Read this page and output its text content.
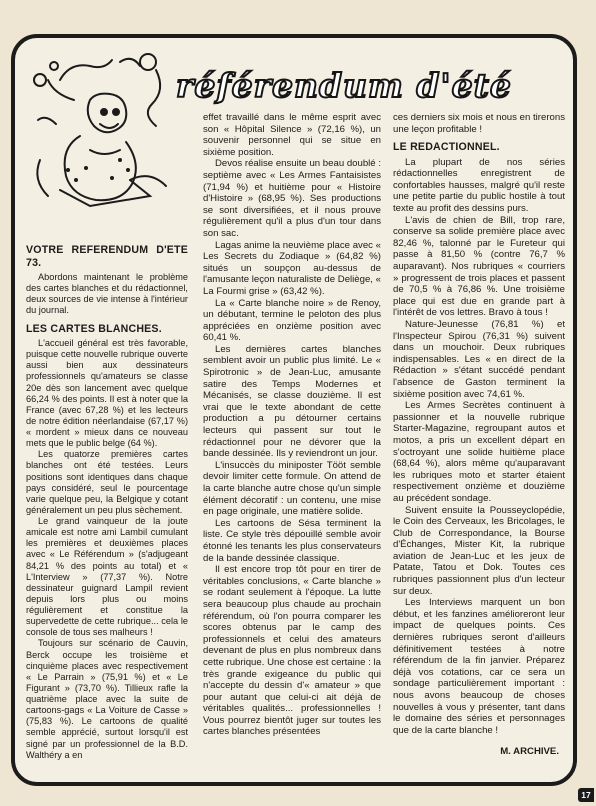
référendum d'été
VOTRE REFERENDUM D'ETE 73.

Abordons maintenant le problème des cartes blanches et du rédactionnel, deux sources de vie intense à l'intérieur du journal.

LES CARTES BLANCHES.

L'accueil général est très favorable, puisque cette nouvelle rubrique ouverte aussi bien aux dessinateurs professionnels qu'amateurs se classe 20e dès son lancement avec quelque 66,24 % des points. Il est à noter que la France (avec 67,28 %) et les lecteurs de notre édition néerlandaise (67,17 %) « mordent » mieux dans ce nouveau mets que le public belge (64 %).

Les quatorze premières cartes blanches ont été testées. Leurs positions sont identiques dans chaque pays considéré, seul le pourcentage varie quelque peu, la Belgique y cotant généralement un peu plus sèchement.

Le grand vainqueur de la joute amicale est notre ami Lambil cumulant les premières et deuxièmes places avec « Le Référendum » (s'adjugeant 84,21 % des points au total) et « L'Interview » (77,37 %). Notre dessinateur guignard Lampil revient depuis lors plus ou moins régulièrement et constitue la supervedette de cette rubrique... cela le console de tous ses malheurs !

Toujours sur scénario de Cauvin, Berck occupe les troisième et cinquième places avec respectivement « Le Parrain » (75,91 %) et « Le Figurant » (73,70 %). Tillieux rafle la quatrième place avec la suite de cartoons-gags « La Voiture de Casse » (75,83 %). Le cartoons de qualité semble apprécié, surtout lorsqu'il est signé par un professionnel de la B.D. Walthéry a en

effet travaillé dans le même esprit avec son « Hôpital Silence » (72,16 %), un souvenir personnel qui se situe en sixième position.

Devos réalise ensuite un beau doublé : septième avec « Les Armes Fantaisistes (71,94 %) et huitième pour « Histoire d'Histoire » (68,95 %). Ses productions se sont diversifiées, et il nous prouve régulièrement qu'il a plus d'un tour dans son sac.

Lagas anime la neuvième place avec « Les Secrets du Zodiaque » (64,82 %) situés un soupçon au-dessus de l'amusante leçon naturaliste de Deliège, « La Fourmi grise » (63,42 %).

La « Carte blanche noire » de Renoy, un débutant, termine le peloton des plus appréciées en onzième position avec 60,41 %.

Les dernières cartes blanches semblent avoir un public plus limité. Le « Spirotronic » de Jean-Luc, amusante satire des Temps Modernes et Mécanisés, se classe douzième. Il est vrai que le texte abondant de cette production a pu détourner certains lecteurs qui passent sur tout le rédactionnel pour ne dévorer que la bande dessinée. Ils y reviendront un jour.

L'insuccès du miniposter Tööt semble devoir limiter cette formule. On attend de la carte blanche autre chose qu'un simple élément décoratif : un contenu, une mise en page originale, une matière solide.

Les cartoons de Sésa terminent la liste. Ce style très dépouillé semble avoir étonné les tenants les plus conservateurs de la bande dessinée classique.

Il est encore trop tôt pour en tirer de véritables conclusions, « Carte blanche » se rodant seulement à l'époque. La lutte sera beaucoup plus chaude au prochain référendum, où l'on pourra comparer les scores obtenus par le camp des professionnels et celui des amateurs devenant de plus en plus nombreux dans cette rubrique. Une chose est certaine : la très grande exigeance du public qui n'accepte du dessin d'« amateur » que pour autant que celui-ci ait déjà de véritables qualités... professionnelles ! Vous pourrez bientôt juger sur toutes les cartes blanches présentées

ces derniers six mois et nous en tirerons une leçon profitable !

LE REDACTIONNEL.

La plupart de nos séries rédactionnelles enregistrent de confortables hausses, malgré qu'il reste une petite partie du public hostile à tout texte au profit des dessins purs.

L'avis de chien de Bill, trop rare, conserve sa solide première place avec 82,46 %, talonné par le Fureteur qui passe à 81,50 % (contre 76,7 % auparavant). Nos rubriques « courriers » progressent de trois places et passent de 70,5 % à 76,86 %. Une troisième place qui est due en grande part à l'intérêt de vos lettres. Bravo à tous !

Nature-Jeunesse (76,81 %) et l'Inspecteur Spirou (76,31 %) suivent dans un mouchoir. Deux rubriques indispensables. Les « en direct de la Rédaction » s'étant succédé pendant l'absence de Gaston terminent la sixième position avec 74,61 %.

Les Armes Secrètes continuent à passionner et la nouvelle rubrique Starter-Magazine, regroupant autos et motos, a pris un excellent départ en s'octroyant une solide huitième place (68,64 %), alors même qu'auparavant les rubriques moto et starter étaient respectivement onzième et douzième au précédent sondage.

Suivent ensuite la Pousseyclopédie, le Coin des Cerveaux, les Bricolages, le Club de Correspondance, la Bourse d'Échanges, Mister Kit, la rubrique aviation de Jean-Luc et les jeux de Patate, Tatou et Dok. Toutes ces rubriques passionnent plus d'un lecteur sur deux.

Les Interviews marquent un bon début, et les fanzines amélioreront leur impact de quelques points. Ces dernières rubriques seront d'ailleurs définitivement testées à notre référendum de la fin janvier. Préparez déjà vos cotations, car ce sera un sondage particulièrement important : nous avons beaucoup de choses nouvelles à vous y présenter, tant dans le domaine des séries et personnages que de la carte blanche !

M. ARCHIVE.
17
